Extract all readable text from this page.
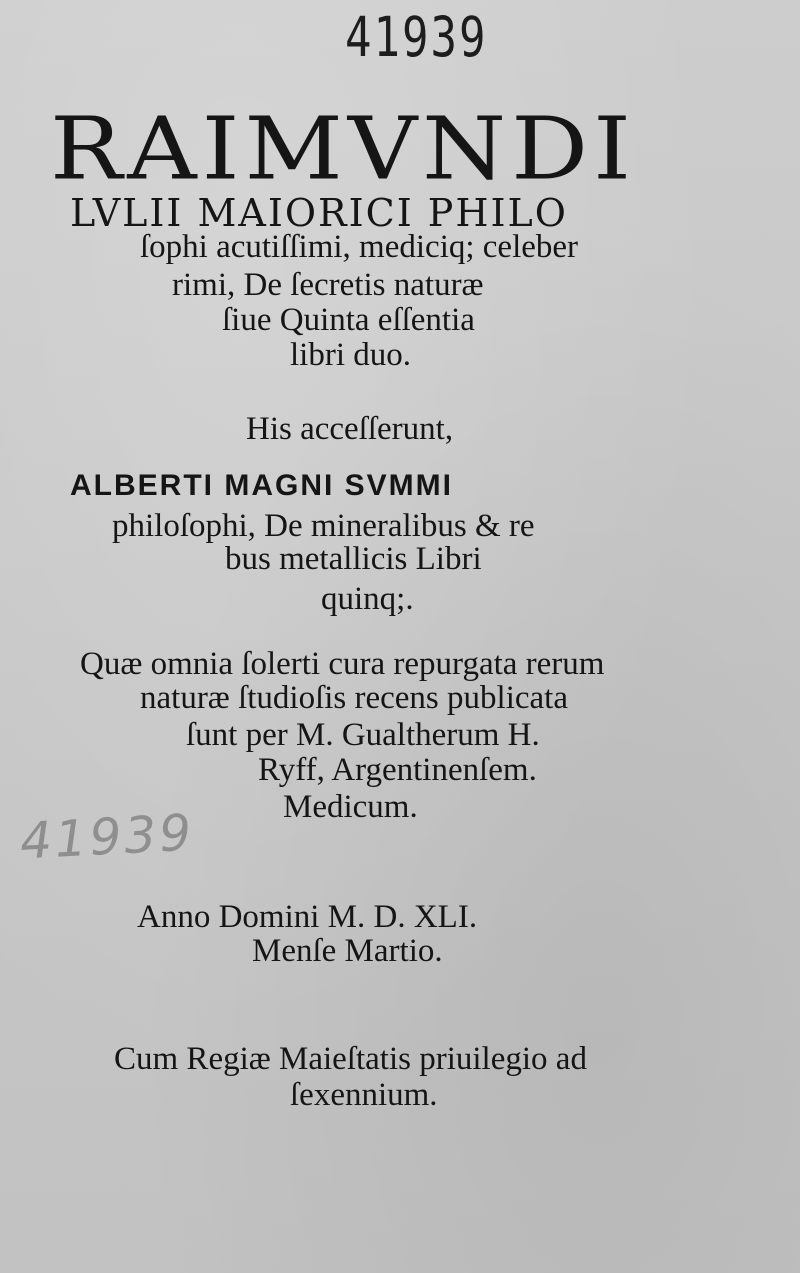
41939
RAIMVNDI
LVLII MAIORICI PHILO
ſophi acutiſſimi, mediciq; celeber
rimi, De ſecretis naturæ
ſiue Quinta eſſentia
libri duo.
His acceſſerunt,
ALBERTI MAGNI SVMMI
philoſophi, De mineralibus & re
bus metallicis Libri
quinq;.
Quæ omnia ſolerti cura repurgata rerum
naturæ ſtudioſis recens publicata
ſunt per M. Gualtherum H.
Ryff, Argentinenſem.
Medicum.
41939
Anno Domini M. D. XLI.
Menſe Martio.
Cum Regiæ Maieſtatis priuilegio ad
ſexennium.
